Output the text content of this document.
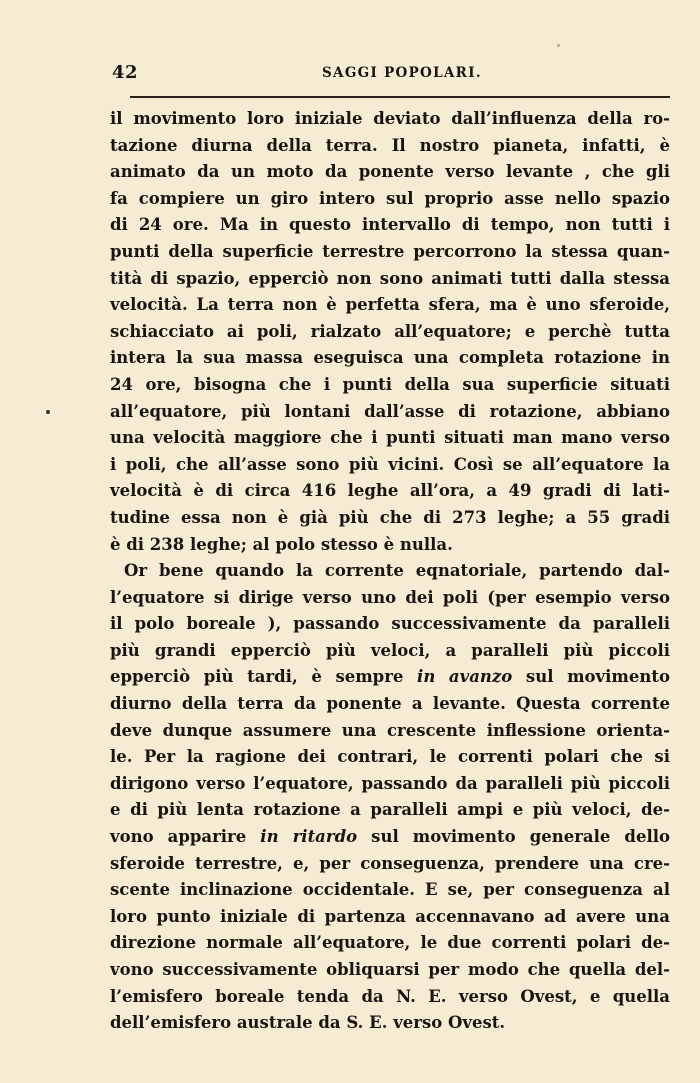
42	SAGGI POPOLARI.
il movimento loro iniziale deviato dall’influenza della ro-
tazione diurna della terra. Il nostro pianeta, infatti, è
animato da un moto da ponente verso levante , che gli
fa compiere un giro intero sul proprio asse nello spazio
di 24 ore. Ma in questo intervallo di tempo, non tutti i
punti della superficie terrestre percorrono la stessa quan-
tità di spazio, epperciò non sono animati tutti dalla stessa
velocità. La terra non è perfetta sfera, ma è uno sferoide,
schiacciato ai poli, rialzato all’equatore; e perchè tutta
intera la sua massa eseguisca una completa rotazione in
24 ore, bisogna che i punti della sua superficie situati
all’equatore, più lontani dall’asse di rotazione, abbiano
una velocità maggiore che i punti situati man mano verso
i poli, che all’asse sono più vicini. Così se all’equatore la
velocità è di circa 416 leghe all’ora, a 49 gradi di lati-
tudine essa non è già più che di 273 leghe; a 55 gradi
è di 238 leghe; al polo stesso è nulla.
Or bene quando la corrente eqnatoriale, partendo dal-
l’equatore si dirige verso uno dei poli (per esempio verso
il polo boreale ), passando successivamente da paralleli
più grandi epperciò più veloci, a paralleli più piccoli
epperciò più tardi, è sempre in avanzo sul movimento
diurno della terra da ponente a levante. Questa corrente
deve dunque assumere una crescente inflessione orienta-
le. Per la ragione dei contrari, le correnti polari che si
dirigono verso l’equatore, passando da paralleli più piccoli
e di più lenta rotazione a paralleli ampi e più veloci, de-
vono apparire in ritardo sul movimento generale dello
sferoide terrestre, e, per conseguenza, prendere una cre-
scente inclinazione occidentale. E se, per conseguenza al
loro punto iniziale di partenza accennavano ad avere una
direzione normale all’equatore, le due correnti polari de-
vono successivamente obliquarsi per modo che quella del-
l’emisfero boreale tenda da N. E. verso Ovest, e quella
dell’emisfero australe da S. E. verso Ovest.
